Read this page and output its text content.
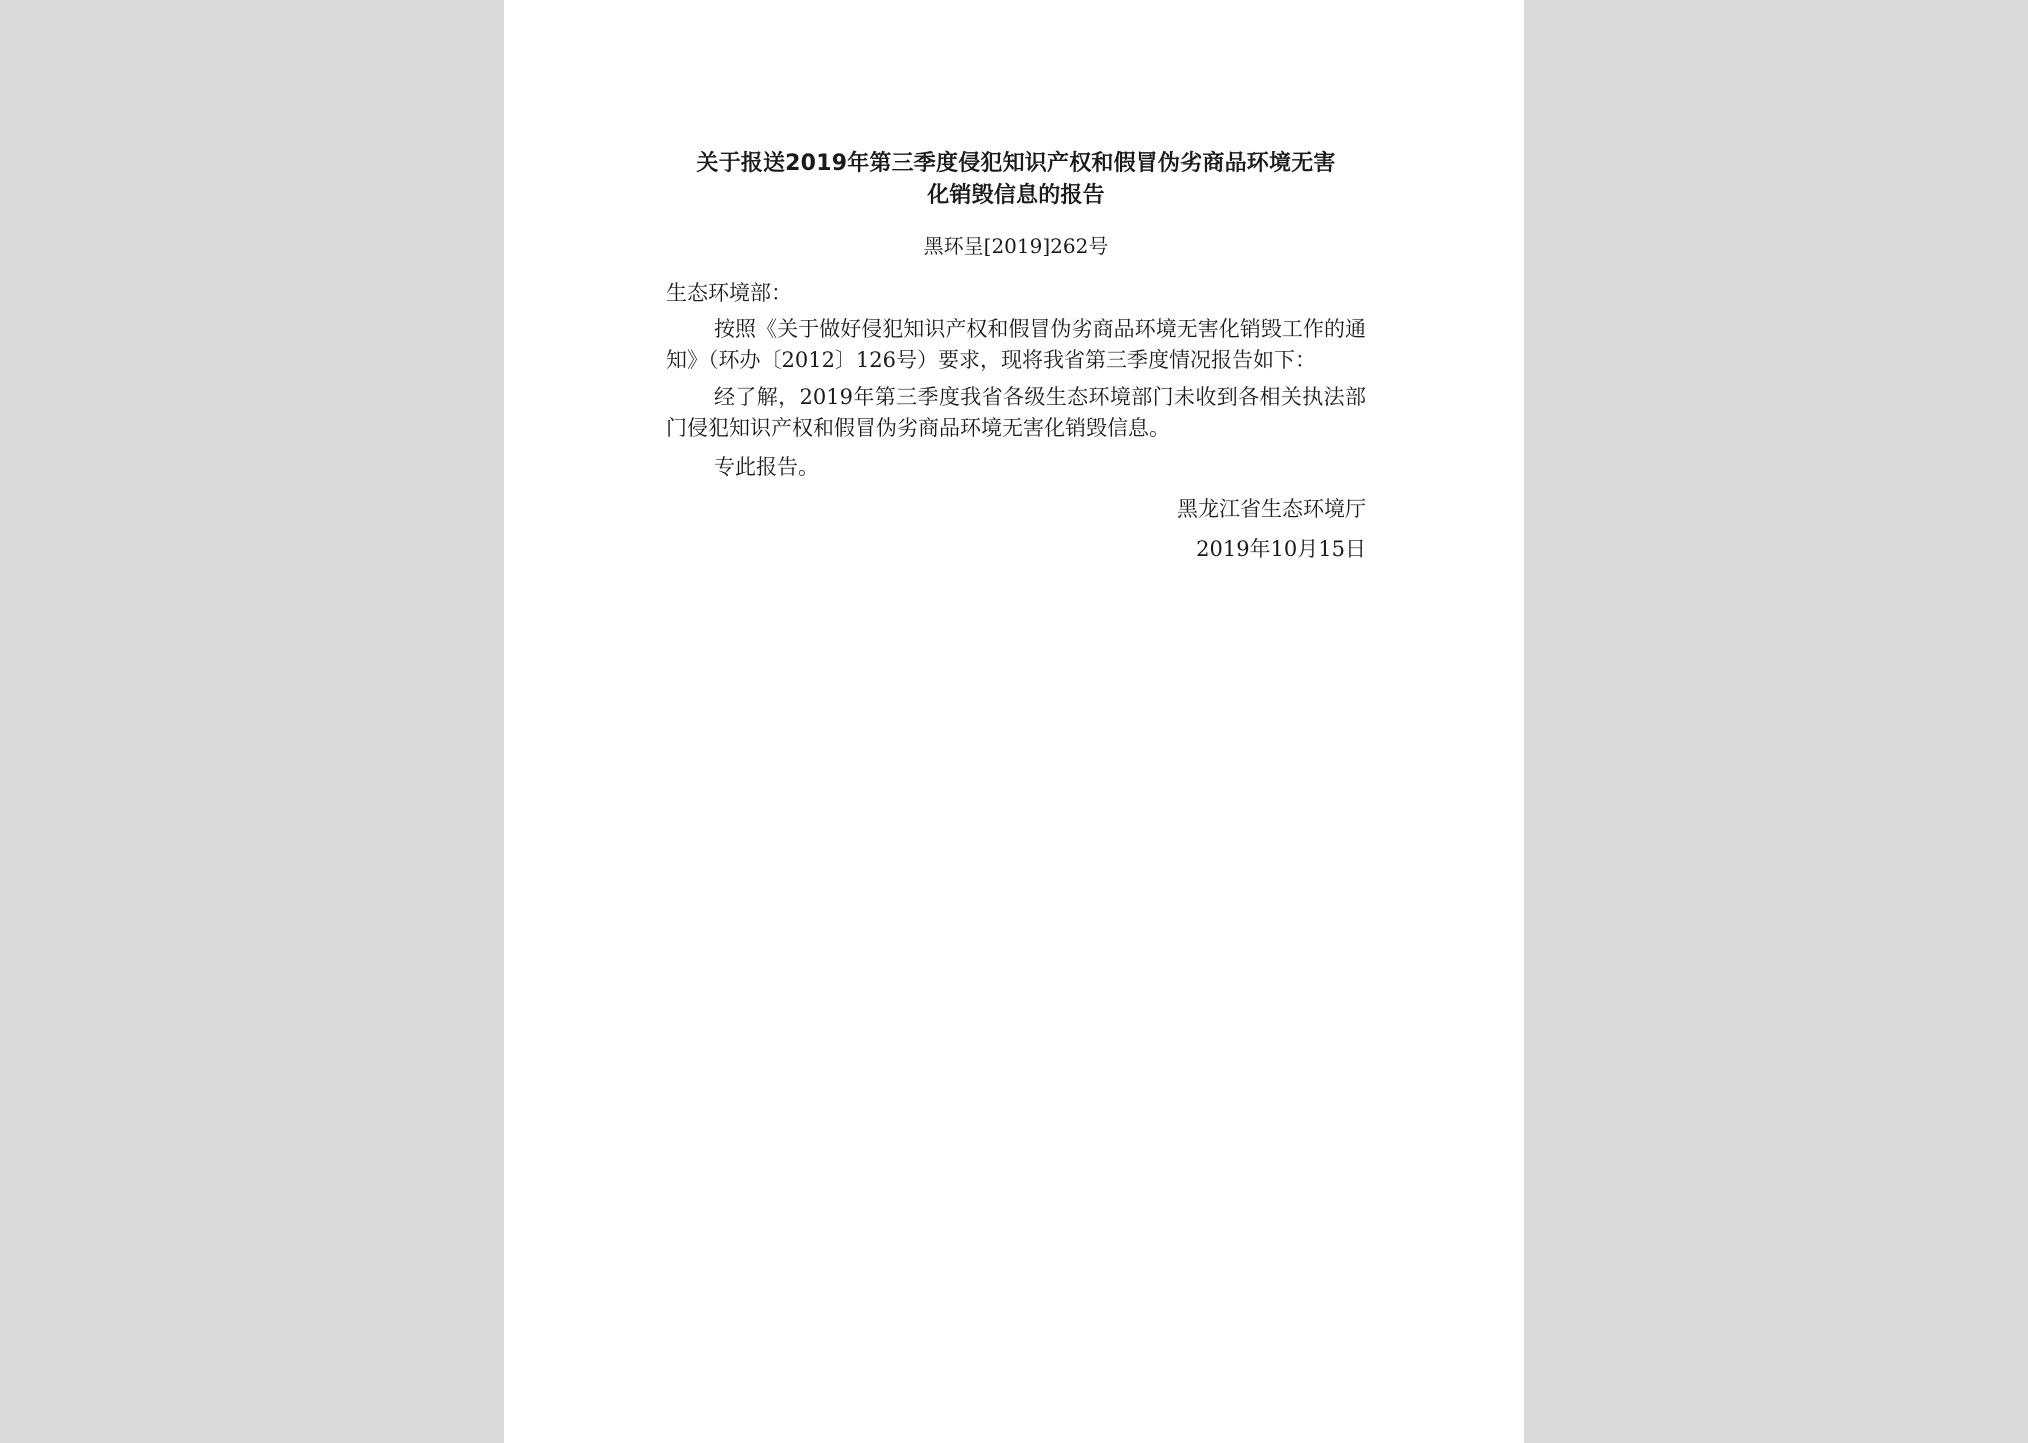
关于报送2019年第三季度侵犯知识产权和假冒伪劣商品环境无害
化销毁信息的报告
黑环呈[2019]262号
生态环境部：
按照《关于做好侵犯知识产权和假冒伪劣商品环境无害化销毁工作的通知》（环办〔2012〕126号）要求，现将我省第三季度情况报告如下：
经了解，2019年第三季度我省各级生态环境部门未收到各相关执法部门侵犯知识产权和假冒伪劣商品环境无害化销毁信息。
专此报告。
黑龙江省生态环境厅
2019年10月15日
